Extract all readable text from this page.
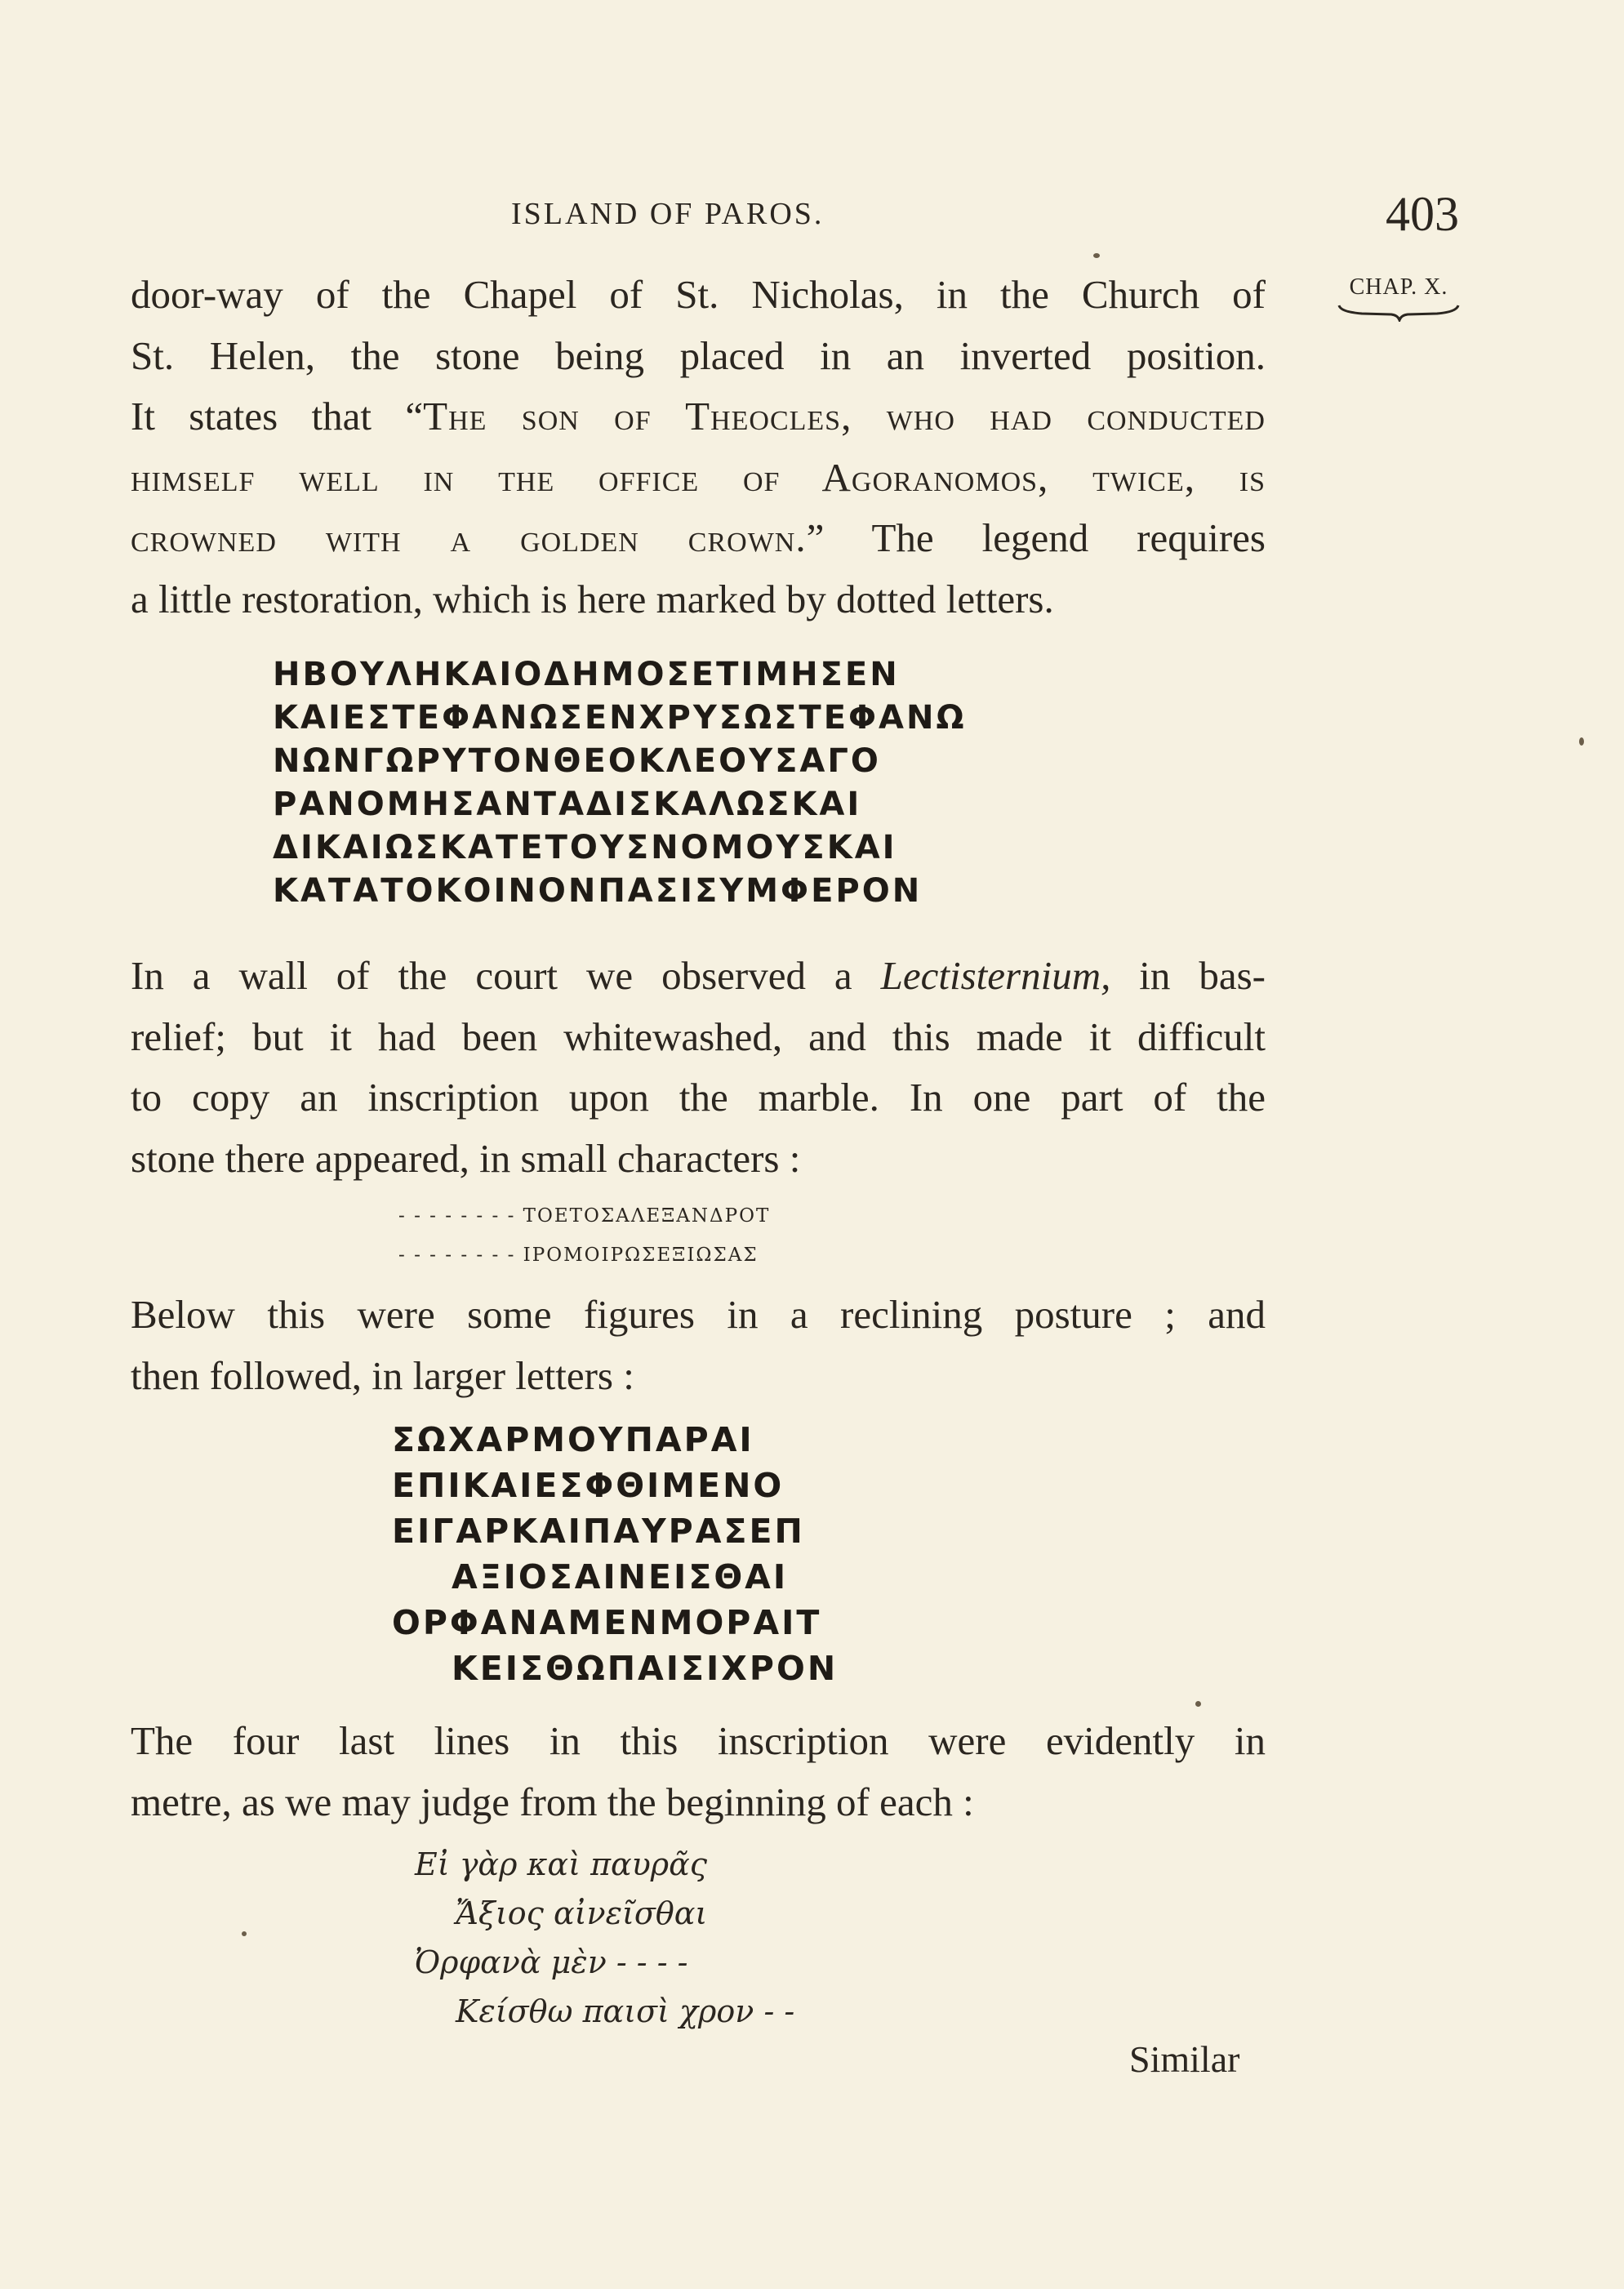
ISLAND OF PAROS.	403
CHAP. X.
door-way of the Chapel of St. Nicholas, in the Church of
St. Helen, the stone being placed in an inverted position.
It states that “The son of Theocles, who had conducted
himself well in the office of Agoranomos, twice, is
crowned with a golden crown.” The legend requires
a little restoration, which is here marked by dotted letters.
ΗΒΟΥΛΗΚΑΙΟΔΗΜΟΣΕΤΙΜΗΣΕΝ
ΚΑΙΕΣΤΕΦΑΝΩΣΕΝΧΡΥΣΩΣΤΕΦΑΝΩ
ΝΩΝΓΩΡΥΤΟΝΘΕΟΚΛΕΟΥΣΑΓΟ
ΡΑΝΟΜΗΣΑΝΤΑΔΙΣΚΑΛΩΣΚΑΙ
ΔΙΚΑΙΩΣΚΑΤΕΤΟΥΣΝΟΜΟΥΣΚΑΙ
ΚΑΤΑΤΟΚΟΙΝΟΝΠΑΣΙΣΥΜΦΕΡΟΝ
In a wall of the court we observed a Lectisternium, in bas-
relief; but it had been whitewashed, and this made it difficult
to copy an inscription upon the marble. In one part of the
stone there appeared, in small characters :
- - - - - - - - ΤΟΕΤΟΣΑΛΕΞΑΝΔΡΟΤ
- - - - - - - - ΙΡΟΜΟΙΡΩΣΕΞΙΩΣΑΣ
Below this were some figures in a reclining posture ; and
then followed, in larger letters :
ΣΩΧΑΡΜΟΥΠΑΡΑΙ
ΕΠΙΚΑΙΕΣΦΘΙΜΕΝΟ
ΕΙΓΑΡΚΑΙΠΑΥΡΑΣΕΠ
ΑΞΙΟΣΑΙΝΕΙΣΘΑΙ
ΟΡΦΑΝΑΜΕΝΜΟΡΑΙΤ
ΚΕΙΣΘΩΠΑΙΣΙΧΡΟΝ
The four last lines in this inscription were evidently in
metre, as we may judge from the beginning of each :
Εἰ γὰρ καὶ παυρᾶς
Ἄξιος αἰνεῖσθαι
Ὀρφανὰ μὲν - - - -
Κείσθω παισὶ χρον - -
Similar
